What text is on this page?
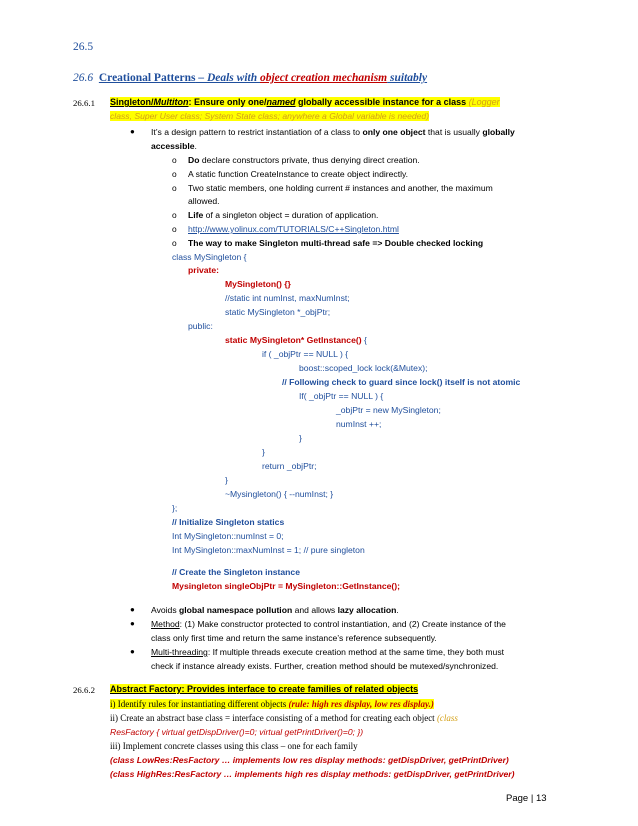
26.5
26.6 Creational Patterns – Deals with object creation mechanism suitably
26.6.1 Singleton/Multiton: Ensure only one/named globally accessible instance for a class (Logger
class, Super User class; System State class; anywhere a Global variable is needed)
● It’s a design pattern to restrict instantiation of a class to only one object that is usually globally
accessible.
o Do declare constructors private, thus denying direct creation.
o A static function CreateInstance to create object indirectly.
o Two static members, one holding current # instances and another, the maximum
allowed.
o Life of a singleton object = duration of application.
o http://www.yolinux.com/TUTORIALS/C++Singleton.html
o The way to make Singleton multi-thread safe => Double checked locking
class MySingleton {
private:
MySingleton() {}
//static int numInst, maxNumInst;
static MySingleton *_objPtr;
public:
static MySingleton* GetInstance() {
if ( _objPtr == NULL ) {
boost::scoped_lock lock(&Mutex);
// Following check to guard since lock() itself is not atomic
If( _objPtr == NULL ) {
_objPtr = new MySingleton;
numInst ++;
}
}
return _objPtr;
}
~Mysingleton() { --numInst; }
};
// Initialize Singleton statics
Int MySingleton::numInst = 0;
Int MySingleton::maxNumInst = 1; // pure singleton
// Create the Singleton instance
Mysingleton singleObjPtr = MySingleton::GetInstance();
● Avoids global namespace pollution and allows lazy allocation.
● Method: (1) Make constructor protected to control instantiation, and (2) Create instance of the
class only first time and return the same instance’s reference subsequently.
● Multi-threading: If multiple threads execute creation method at the same time, they both must
check if instance already exists. Further, creation method should be mutexed/synchronized.
26.6.2 Abstract Factory: Provides interface to create families of related objects
i) Identify rules for instantiating different objects (rule: high res display, low res display.)
ii) Create an abstract base class = interface consisting of a method for creating each object (class
ResFactory { virtual getDispDriver()=0; virtual getPrintDriver()=0; })
iii) Implement concrete classes using this class – one for each family
(class LowRes:ResFactory … implements low res display methods: getDispDriver, getPrintDriver)
(class HighRes:ResFactory … implements high res display methods: getDispDriver, getPrintDriver)
Page | 13
